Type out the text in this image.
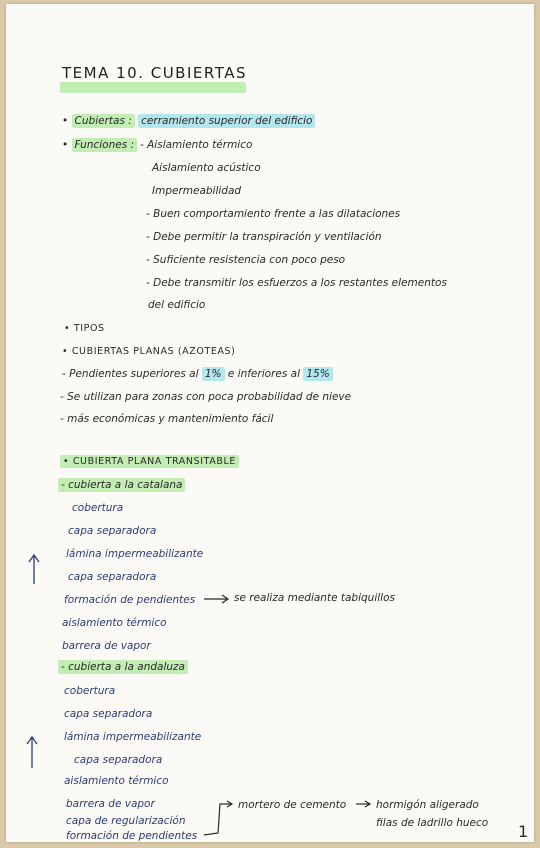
TEMA 10. CUBIERTAS
• Cubiertas : cerramiento superior del edificio
• Funciones : - Aislamiento térmico
Aislamiento acústico
Impermeabilidad
- Buen comportamiento frente a las dilataciones
- Debe permitir la transpiración y ventilación
- Suficiente resistencia con poco peso
- Debe transmitir los esfuerzos a los restantes elementos
del edificio
• TIPOS
• CUBIERTAS PLANAS (AZOTEAS)
- Pendientes superiores al 1% e inferiores al 15%
- Se utilizan para zonas con poca probabilidad de nieve
- más económicas y mantenimiento fácil
• CUBIERTA PLANA TRANSITABLE
- cubierta a la catalana
cobertura
capa separadora
lámina impermeabilizante
capa separadora
formación de pendientes	se realiza mediante tabiquillos
aislamiento térmico
barrera de vapor
- cubierta a la andaluza
cobertura
capa separadora
lámina impermeabilizante
capa separadora
aislamiento térmico
barrera de vapor
capa de regularización
formación de pendientes
mortero de cemento	hormigón aligerado
filas de ladrillo hueco 1
